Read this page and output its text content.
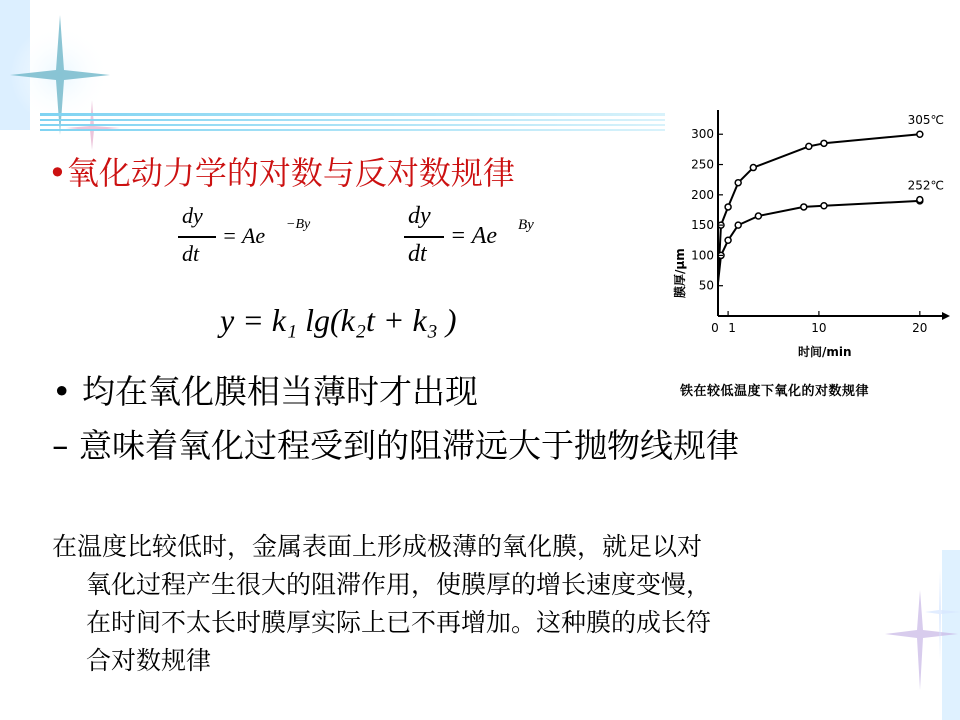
•氧化动力学的对数与反对数规律
dy
dt
= Ae −By	dy
dt
= Ae By
y = k₁ lg(k₂t + k₃ )
• 均在氧化膜相当薄时才出现
– 意味着氧化过程受到的阻滞远大于抛物线规律
在温度比较低时，金属表面上形成极薄的氧化膜，就足以对
氧化过程产生很大的阻滞作用，使膜厚的增长速度变慢，
在时间不太长时膜厚实际上已不再增加。这种膜的成长符
合对数规律
305℃
252℃
50
100
150
200
250
300
0 1	10	20
膜厚/μm
时间/min
铁在较低温度下氧化的对数规律
